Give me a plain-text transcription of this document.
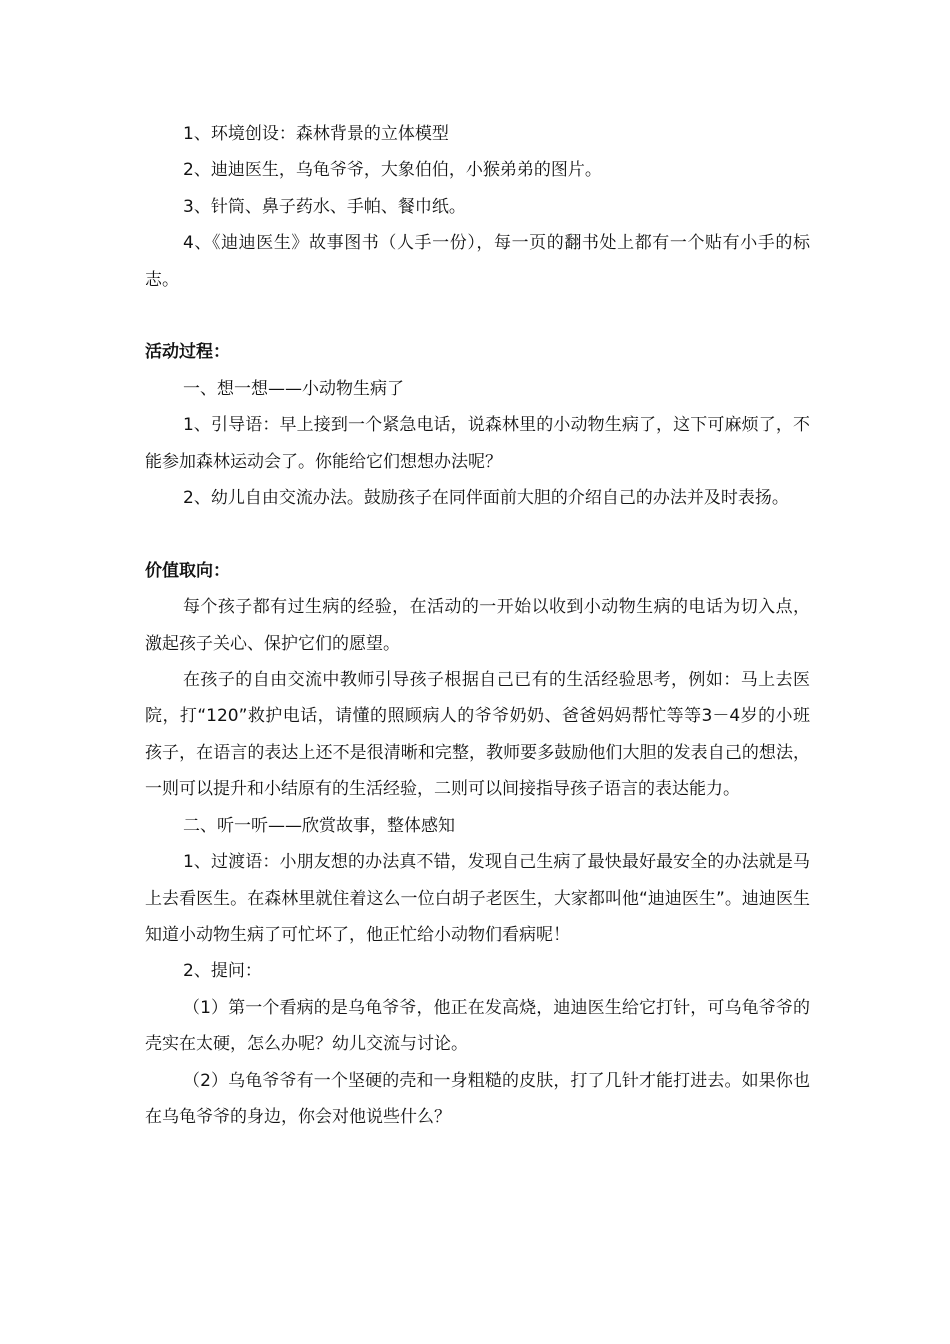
1、环境创设：森林背景的立体模型

2、迪迪医生，乌龟爷爷，大象伯伯，小猴弟弟的图片。

3、针筒、鼻子药水、手帕、餐巾纸。

4、《迪迪医生》故事图书（人手一份），每一页的翻书处上都有一个贴有小手的标志。

活动过程：

一、想一想——小动物生病了

1、引导语：早上接到一个紧急电话，说森林里的小动物生病了，这下可麻烦了，不能参加森林运动会了。你能给它们想想办法呢？

2、幼儿自由交流办法。鼓励孩子在同伴面前大胆的介绍自己的办法并及时表扬。

价值取向：

每个孩子都有过生病的经验，在活动的一开始以收到小动物生病的电话为切入点，激起孩子关心、保护它们的愿望。

在孩子的自由交流中教师引导孩子根据自己已有的生活经验思考，例如：马上去医院，打“120”救护电话，请懂的照顾病人的爷爷奶奶、爸爸妈妈帮忙等等3－4岁的小班孩子，在语言的表达上还不是很清晰和完整，教师要多鼓励他们大胆的发表自己的想法，一则可以提升和小结原有的生活经验，二则可以间接指导孩子语言的表达能力。

二、听一听——欣赏故事，整体感知

1、过渡语：小朋友想的办法真不错，发现自己生病了最快最好最安全的办法就是马上去看医生。在森林里就住着这么一位白胡子老医生，大家都叫他“迪迪医生”。迪迪医生知道小动物生病了可忙坏了，他正忙给小动物们看病呢！

2、提问：

（1）第一个看病的是乌龟爷爷，他正在发高烧，迪迪医生给它打针，可乌龟爷爷的壳实在太硬，怎么办呢？幼儿交流与讨论。

（2）乌龟爷爷有一个坚硬的壳和一身粗糙的皮肤，打了几针才能打进去。如果你也在乌龟爷爷的身边，你会对他说些什么？
